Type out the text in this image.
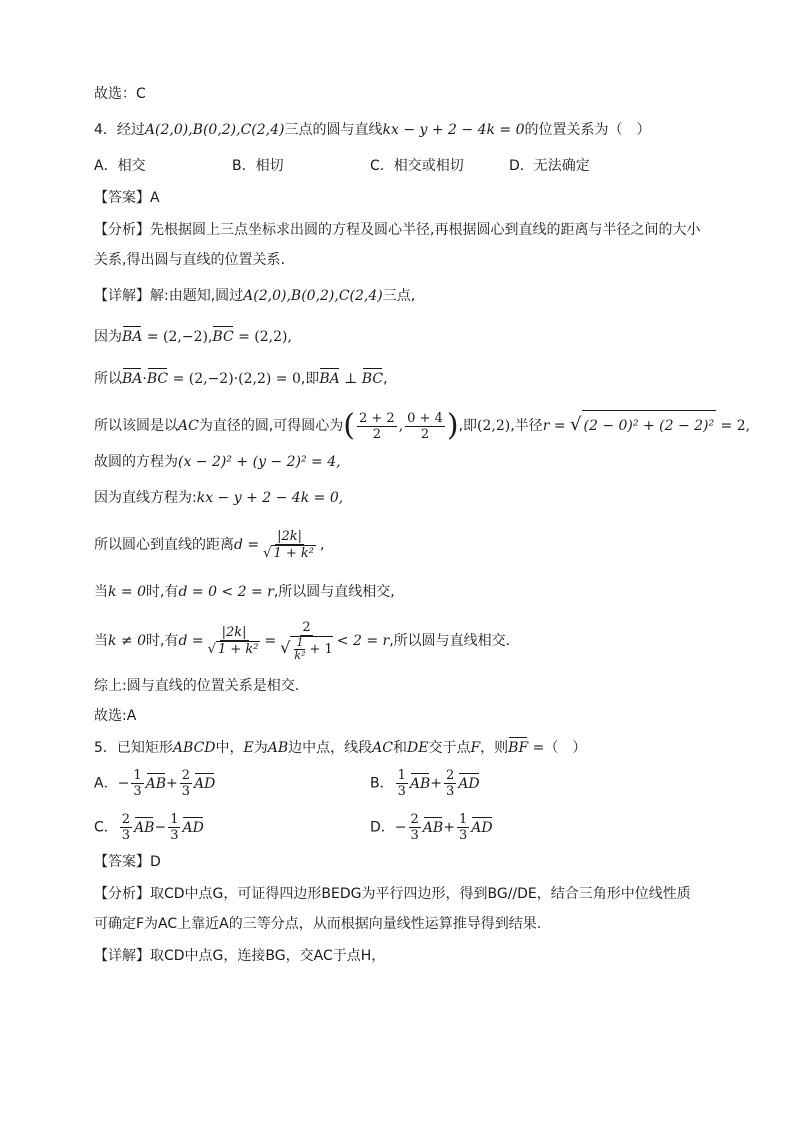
故选：C
4．经过A(2,0),B(0,2),C(2,4)三点的圆与直线kx − y + 2 − 4k = 0的位置关系为（　）
A．相交	B．相切	C．相交或相切	D．无法确定
【答案】A
【分析】先根据圆上三点坐标求出圆的方程及圆心半径,再根据圆心到直线的距离与半径之间的大小
关系,得出圆与直线的位置关系.
【详解】解:由题知,圆过A(2,0),B(0,2),C(2,4)三点,
因为BA = (2,−2),BC = (2,2),
所以BA·BC = (2,−2)·(2,2) = 0,即BA ⊥ BC,
所以该圆是以AC为直径的圆,可得圆心为( $\frac{2 + 2}{2}$ , $\frac{0 + 4}{2}$ ),即(2,2),半径r = √ (2 − 0)² + (2 − 2)² = 2,
故圆的方程为(x − 2)² + (y − 2)² = 4,
因为直线方程为:kx − y + 2 − 4k = 0,
所以圆心到直线的距离$d = \frac{|2k|}{\text{√ 1 + k²}}$ ,
当k = 0时,有d = 0 < 2 = r,所以圆与直线相交,
当k ≠ 0时,有$d = \frac{|2k|}{\text{√ 1 + k²}} = \frac{2}{√ \frac{1}{\text{k²}} + 1} < 2 = r$,所以圆与直线相交.
综上:圆与直线的位置关系是相交.
故选:A
5．已知矩形ABCD中，E为AB边中点，线段AC和DE交于点F，则BF =（　）
A．− $\frac{1}{3} AB+ \frac{2}{3}$ AD	B． $\frac{1}{3} AB+ \frac{2}{3}$ AD
C． $\frac{2}{3} AB- \frac{1}{3}$ AD	D．− $\frac{2}{3} AB+ \frac{1}{3}$ AD
【答案】D
【分析】取CD中点G，可证得四边形BEDG为平行四边形，得到BG//DE，结合三角形中位线性质
可确定F为AC上靠近A的三等分点，从而根据向量线性运算推导得到结果.
【详解】取CD中点G，连接BG，交AC于点H，
